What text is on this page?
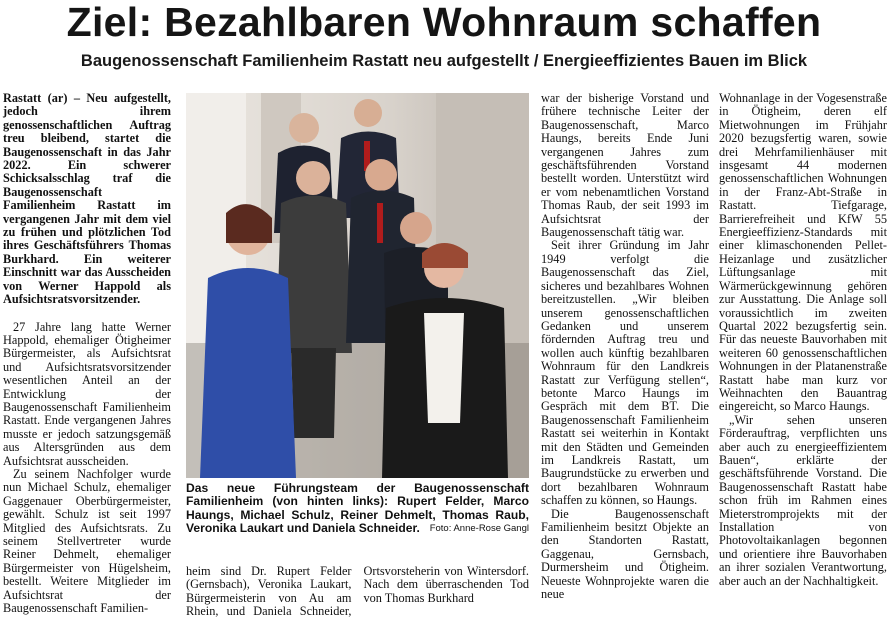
Ziel: Bezahlbaren Wohnraum schaffen
Baugenossenschaft Familienheim Rastatt neu aufgestellt / Energieeffizientes Bauen im Blick

Rastatt (ar) – Neu aufgestellt, jedoch ihrem genossenschaftlichen Auftrag treu bleibend, startet die Baugenossenschaft in das Jahr 2022. Ein schwerer Schicksalsschlag traf die Baugenossenschaft Familienheim Rastatt im vergangenen Jahr mit dem viel zu frühen und plötzlichen Tod ihres Geschäftsführers Thomas Burkhard. Ein weiterer Einschnitt war das Ausscheiden von Werner Happold als Aufsichtsratsvorsitzender.

27 Jahre lang hatte Werner Happold, ehemaliger Ötigheimer Bürgermeister, als Aufsichtsrat und Aufsichtsratsvorsitzender wesentlichen Anteil an der Entwicklung der Baugenossenschaft Familienheim Rastatt. Ende vergangenen Jahres musste er jedoch satzungsgemäß aus Altersgründen aus dem Aufsichtsrat ausscheiden.

Zu seinem Nachfolger wurde nun Michael Schulz, ehemaliger Gaggenauer Oberbürgermeister, gewählt. Schulz ist seit 1997 Mitglied des Aufsichtsrats. Zu seinem Stellvertreter wurde Reiner Dehmelt, ehemaliger Bürgermeister von Hügelsheim, bestellt. Weitere Mitglieder im Aufsichtsrat der Baugenossenschaft Familien-

Das neue Führungsteam der Baugenossenschaft Familienheim (von hinten links): Rupert Felder, Marco Haungs, Michael Schulz, Reiner Dehmelt, Thomas Raub, Veronika Laukart und Daniela Schneider. Foto: Anne-Rose Gangl

heim sind Dr. Rupert Felder (Gernsbach), Veronika Laukart, Bürgermeisterin von Au am Rhein, und Daniela Schneider, Ortsvorsteherin von Wintersdorf. Nach dem überraschenden Tod von Thomas Burkhard

war der bisherige Vorstand und frühere technische Leiter der Baugenossenschaft, Marco Haungs, bereits Ende Juni vergangenen Jahres zum geschäftsführenden Vorstand bestellt worden. Unterstützt wird er vom nebenamtlichen Vorstand Thomas Raub, der seit 1993 im Aufsichtsrat der Baugenossenschaft tätig war.

Seit ihrer Gründung im Jahr 1949 verfolgt die Baugenossenschaft das Ziel, sicheres und bezahlbares Wohnen bereitzustellen. „Wir bleiben unserem genossenschaftlichen Gedanken und unserem fördernden Auftrag treu und wollen auch künftig bezahlbaren Wohnraum für den Landkreis Rastatt zur Verfügung stellen“, betonte Marco Haungs im Gespräch mit dem BT. Die Baugenossenschaft Familienheim Rastatt sei weiterhin in Kontakt mit den Städten und Gemeinden im Landkreis Rastatt, um Baugrundstücke zu erwerben und dort bezahlbaren Wohnraum schaffen zu können, so Haungs.

Die Baugenossenschaft Familienheim besitzt Objekte an den Standorten Rastatt, Gaggenau, Gernsbach, Durmersheim und Ötigheim. Neueste Wohnprojekte waren die neue

Wohnanlage in der Vogesenstraße in Ötigheim, deren elf Mietwohnungen im Frühjahr 2020 bezugsfertig waren, sowie drei Mehrfamilienhäuser mit insgesamt 44 modernen genossenschaftlichen Wohnungen in der Franz-Abt-Straße in Rastatt. Tiefgarage, Barrierefreiheit und KfW 55 Energieeffizienz-Standards mit einer klimaschonenden Pellet-Heizanlage und zusätzlicher Lüftungsanlage mit Wärmerückgewinnung gehören zur Ausstattung. Die Anlage soll voraussichtlich im zweiten Quartal 2022 bezugsfertig sein. Für das neueste Bauvorhaben mit weiteren 60 genossenschaftlichen Wohnungen in der Platanenstraße Rastatt habe man kurz vor Weihnachten den Bauantrag eingereicht, so Marco Haungs.

„Wir sehen unseren Förderauftrag, verpflichten uns aber auch zu energieeffizientem Bauen“, erklärte der geschäftsführende Vorstand. Die Baugenossenschaft Rastatt habe schon früh im Rahmen eines Mieterstromprojekts mit der Installation von Photovoltaikanlagen begonnen und orientiere ihre Bauvorhaben an ihrer sozialen Verantwortung, aber auch an der Nachhaltigkeit.
